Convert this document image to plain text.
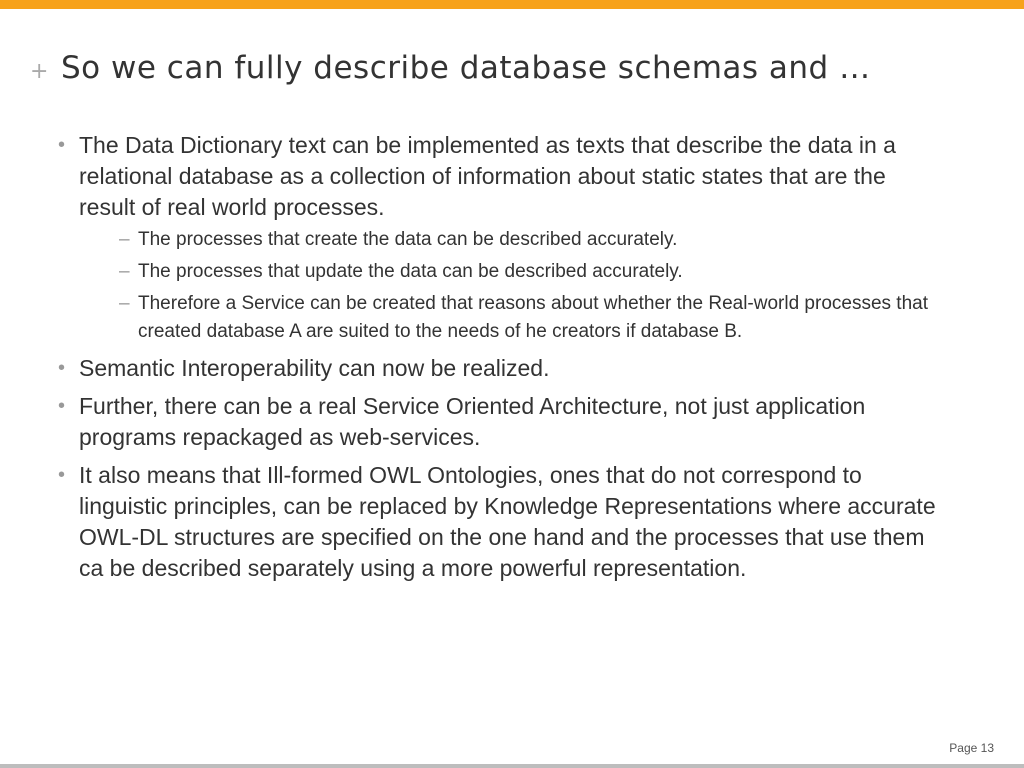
+ So we can fully describe database schemas and …
• The Data Dictionary text can be implemented as texts that describe the data in a relational database as a collection of information about static states that are the result of real world processes.
– The processes that create the data can be described accurately.
– The processes that update the data can be described accurately.
– Therefore a Service can be created that reasons about whether the Real-world processes that created database A are suited to the needs of he creators if database B.
• Semantic Interoperability can now be realized.
• Further, there can be a real Service Oriented Architecture, not just application programs repackaged as web-services.
• It also means that Ill-formed OWL Ontologies, ones that do not correspond to linguistic principles, can be replaced by Knowledge Representations where accurate OWL-DL structures are specified on the one hand and the processes that use them ca be described separately using a more powerful representation.
Page 13
